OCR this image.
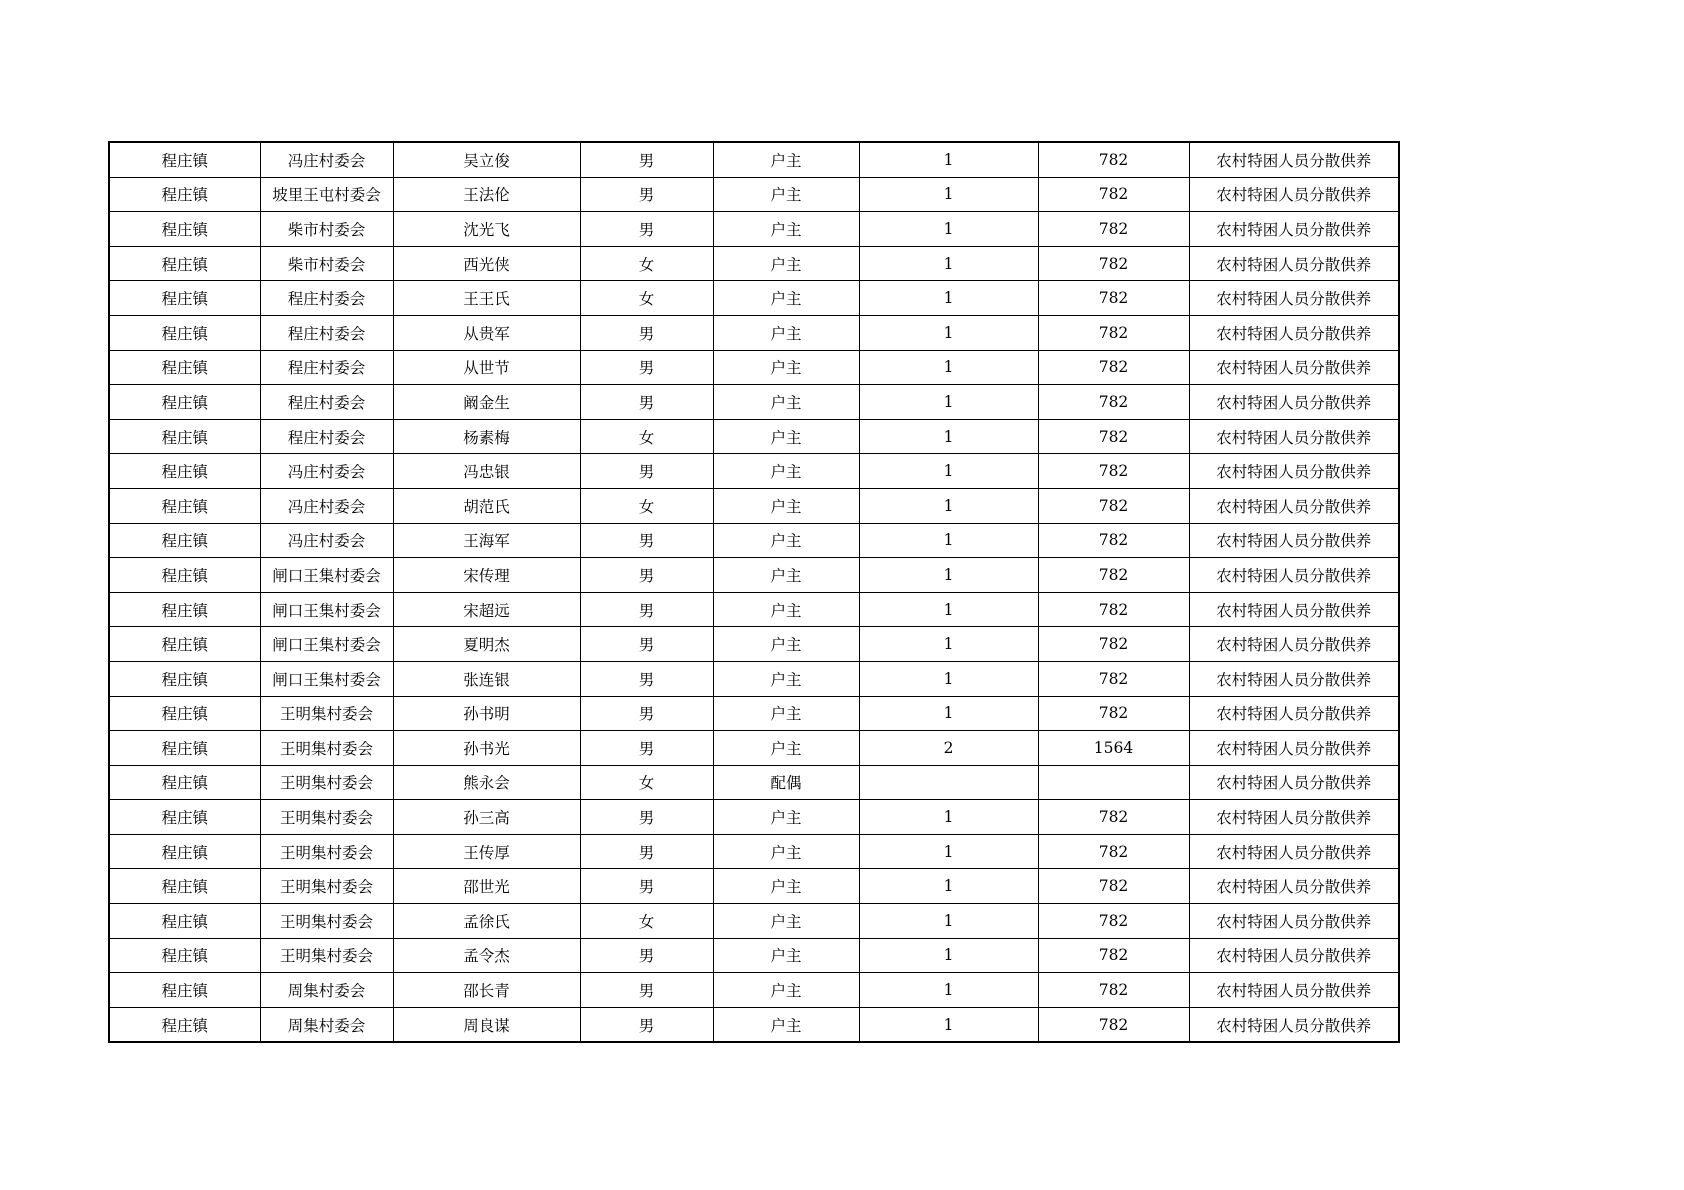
程庄镇	冯庄村委会	吴立俊	男	户主	1	782	农村特困人员分散供养
程庄镇	坡里王屯村委会	王法伦	男	户主	1	782	农村特困人员分散供养
程庄镇	柴市村委会	沈光飞	男	户主	1	782	农村特困人员分散供养
程庄镇	柴市村委会	西光侠	女	户主	1	782	农村特困人员分散供养
程庄镇	程庄村委会	王王氏	女	户主	1	782	农村特困人员分散供养
程庄镇	程庄村委会	从贵军	男	户主	1	782	农村特困人员分散供养
程庄镇	程庄村委会	从世节	男	户主	1	782	农村特困人员分散供养
程庄镇	程庄村委会	阚金生	男	户主	1	782	农村特困人员分散供养
程庄镇	程庄村委会	杨素梅	女	户主	1	782	农村特困人员分散供养
程庄镇	冯庄村委会	冯忠银	男	户主	1	782	农村特困人员分散供养
程庄镇	冯庄村委会	胡范氏	女	户主	1	782	农村特困人员分散供养
程庄镇	冯庄村委会	王海军	男	户主	1	782	农村特困人员分散供养
程庄镇	闸口王集村委会	宋传理	男	户主	1	782	农村特困人员分散供养
程庄镇	闸口王集村委会	宋超远	男	户主	1	782	农村特困人员分散供养
程庄镇	闸口王集村委会	夏明杰	男	户主	1	782	农村特困人员分散供养
程庄镇	闸口王集村委会	张连银	男	户主	1	782	农村特困人员分散供养
程庄镇	王明集村委会	孙书明	男	户主	1	782	农村特困人员分散供养
程庄镇	王明集村委会	孙书光	男	户主	2	1564	农村特困人员分散供养
程庄镇	王明集村委会	熊永会	女	配偶			农村特困人员分散供养
程庄镇	王明集村委会	孙三高	男	户主	1	782	农村特困人员分散供养
程庄镇	王明集村委会	王传厚	男	户主	1	782	农村特困人员分散供养
程庄镇	王明集村委会	邵世光	男	户主	1	782	农村特困人员分散供养
程庄镇	王明集村委会	孟徐氏	女	户主	1	782	农村特困人员分散供养
程庄镇	王明集村委会	孟令杰	男	户主	1	782	农村特困人员分散供养
程庄镇	周集村委会	邵长青	男	户主	1	782	农村特困人员分散供养
程庄镇	周集村委会	周良谋	男	户主	1	782	农村特困人员分散供养
